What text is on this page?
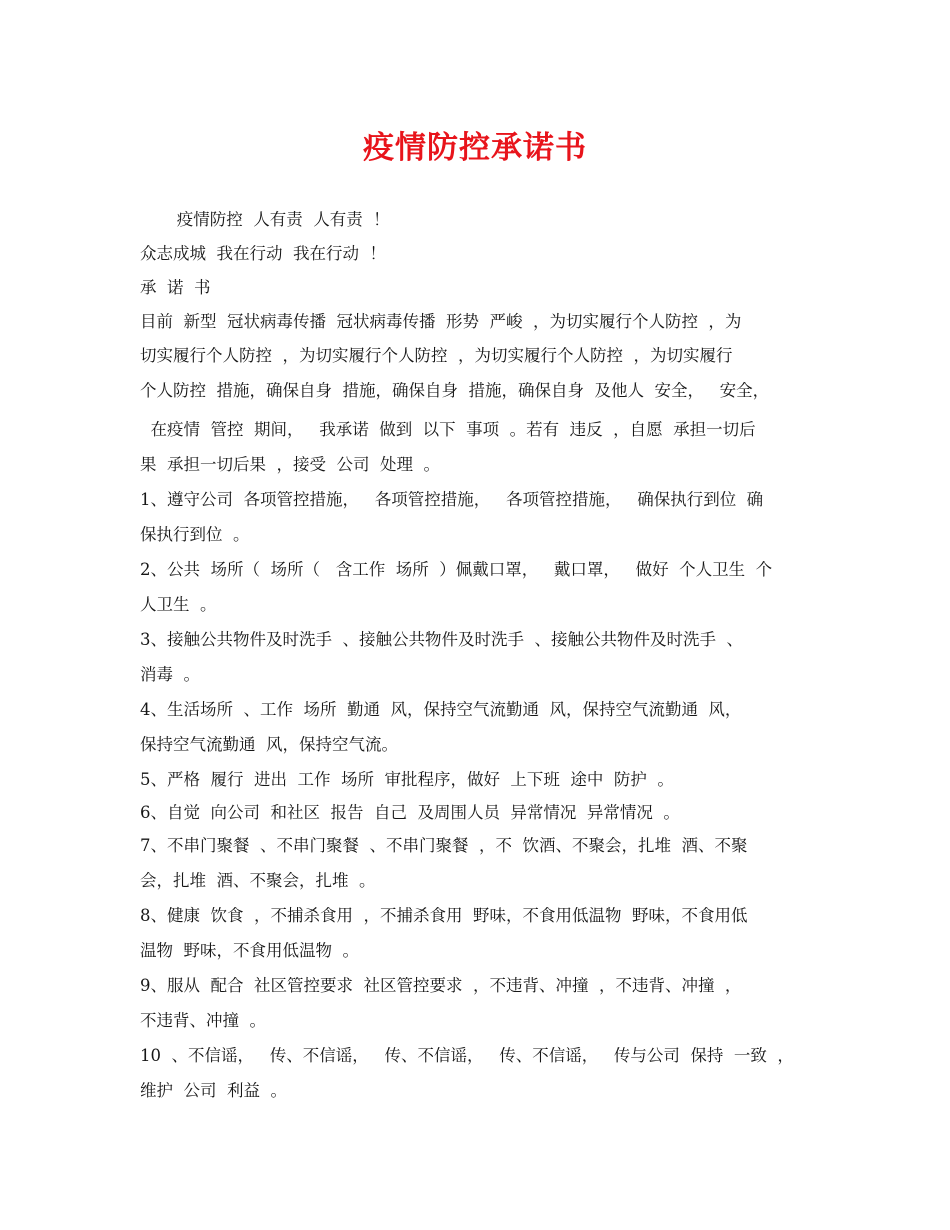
疫情防控承诺书
疫情防控  人有责  人有责  ！
众志成城  我在行动  我在行动  ！
承  诺  书
目前  新型  冠状病毒传播  冠状病毒传播  形势  严峻  ，为切实履行个人防控  ，为
切实履行个人防控  ，为切实履行个人防控  ，为切实履行个人防控  ，为切实履行
个人防控  措施，确保自身  措施，确保自身  措施，确保自身  及他人  安全，   安全，
在疫情  管控  期间，   我承诺  做到  以下  事项  。若有  违反  ，自愿  承担一切后
果  承担一切后果  ，接受  公司  处理  。
1、遵守公司  各项管控措施，   各项管控措施，   各项管控措施，   确保执行到位  确
保执行到位  。
2、公共  场所（  场所（   含工作  场所  ）佩戴口罩，   戴口罩，   做好  个人卫生  个
人卫生  。
3、接触公共物件及时洗手  、接触公共物件及时洗手  、接触公共物件及时洗手  、
消毒  。
4、生活场所  、工作  场所  勤通  风，保持空气流勤通  风，保持空气流勤通  风，
保持空气流勤通  风，保持空气流。
5、严格  履行  进出  工作  场所  审批程序，做好  上下班  途中  防护  。
6、自觉  向公司  和社区  报告  自己  及周围人员  异常情况  异常情况  。
7、不串门聚餐  、不串门聚餐  、不串门聚餐  ，不  饮酒、不聚会，扎堆  酒、不聚
会，扎堆  酒、不聚会，扎堆  。
8、健康  饮食  ，不捕杀食用  ，不捕杀食用  野味，不食用低温物  野味，不食用低
温物  野味，不食用低温物  。
9、服从  配合  社区管控要求  社区管控要求  ，不违背、冲撞  ，不违背、冲撞  ，
不违背、冲撞  。
10  、不信谣，   传、不信谣，   传、不信谣，   传、不信谣，   传与公司  保持  一致  ，
维护  公司  利益  。
